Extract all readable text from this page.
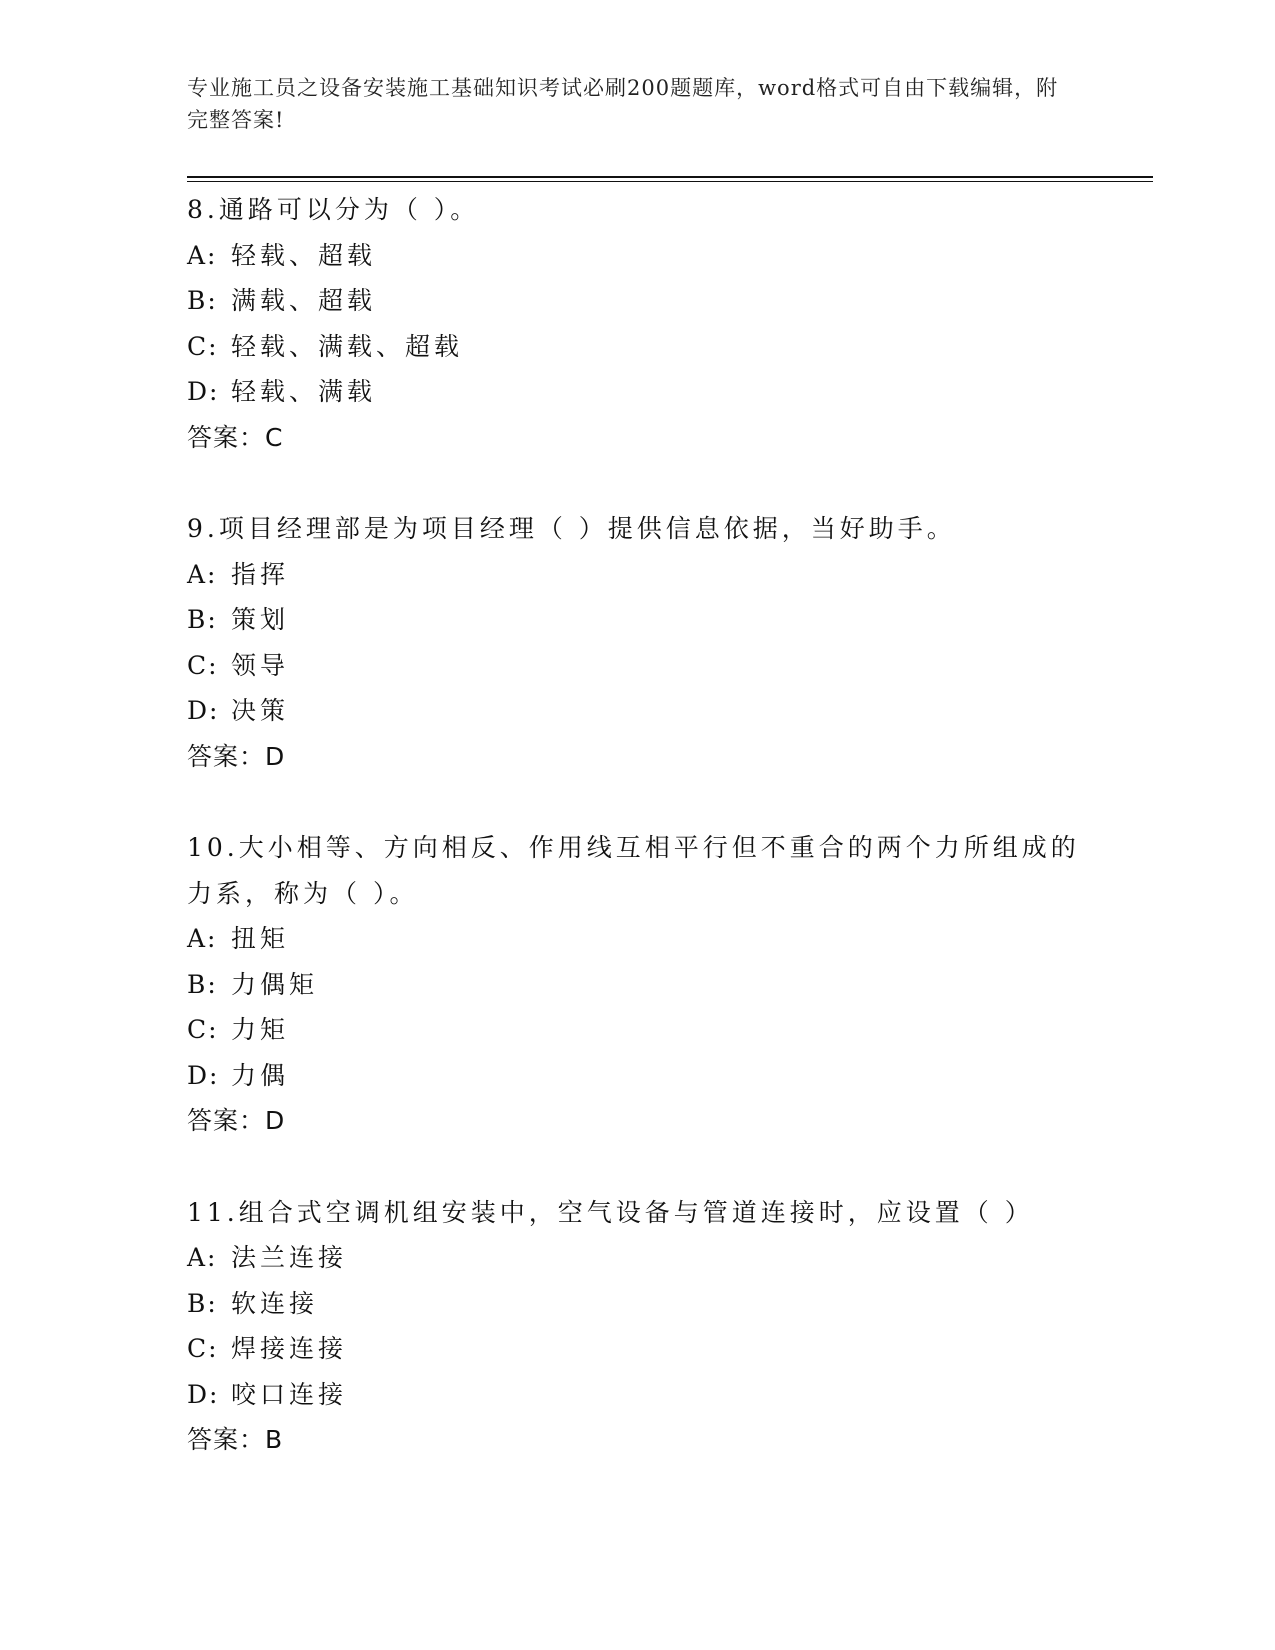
专业施工员之设备安装施工基础知识考试必刷200题题库，word格式可自由下载编辑，附完整答案!
8.通路可以分为（ ）。
A: 轻载、超载
B: 满载、超载
C: 轻载、满载、超载
D: 轻载、满载
答案：C
9.项目经理部是为项目经理（ ）提供信息依据，当好助手。
A: 指挥
B: 策划
C: 领导
D: 决策
答案：D
10.大小相等、方向相反、作用线互相平行但不重合的两个力所组成的力系，称为（ ）。
A: 扭矩
B: 力偶矩
C: 力矩
D: 力偶
答案：D
11.组合式空调机组安装中，空气设备与管道连接时，应设置（ ）
A: 法兰连接
B: 软连接
C: 焊接连接
D: 咬口连接
答案：B
